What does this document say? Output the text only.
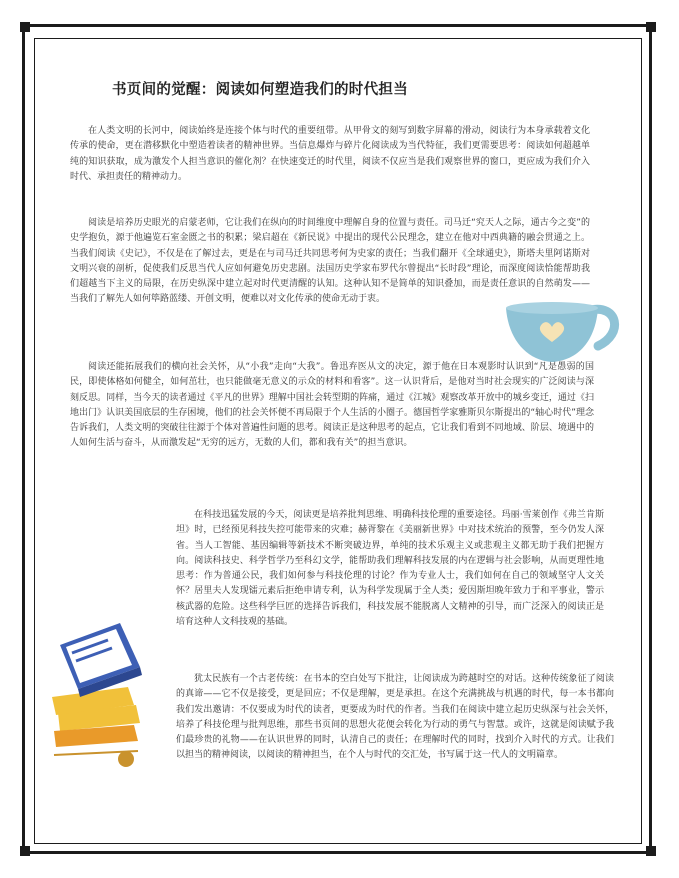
书页间的觉醒：阅读如何塑造我们的时代担当

在人类文明的长河中，阅读始终是连接个体与时代的重要纽带。从甲骨文的刻写到数字屏幕的滑动，阅读行为本身承载着文化传承的使命，更在潜移默化中塑造着读者的精神世界。当信息爆炸与碎片化阅读成为当代特征，我们更需要思考：阅读如何超越单纯的知识获取，成为激发个人担当意识的催化剂？在快速变迁的时代里，阅读不仅应当是我们观察世界的窗口，更应成为我们介入时代、承担责任的精神动力。

阅读是培养历史眼光的启蒙老师，它让我们在纵向的时间维度中理解自身的位置与责任。司马迁“究天人之际，通古今之变”的史学抱负，源于他遍览石室金匮之书的积累；梁启超在《新民说》中提出的现代公民理念，建立在他对中西典籍的融会贯通之上。当我们阅读《史记》，不仅是在了解过去，更是在与司马迁共同思考何为史家的责任；当我们翻开《全球通史》，斯塔夫里阿诺斯对文明兴衰的剖析，促使我们反思当代人应如何避免历史悲剧。法国历史学家布罗代尔曾提出“长时段”理论，而深度阅读恰能帮助我们超越当下主义的局限，在历史纵深中建立起对时代更清醒的认知。这种认知不是简单的知识叠加，而是责任意识的自然萌发——当我们了解先人如何筚路蓝缕、开创文明，便难以对文化传承的使命无动于衷。

阅读还能拓展我们的横向社会关怀，从“小我”走向“大我”。鲁迅弃医从文的决定，源于他在日本观影时认识到“凡是愚弱的国民，即使体格如何健全，如何茁壮，也只能做毫无意义的示众的材料和看客”。这一认识背后，是他对当时社会现实的广泛阅读与深刻反思。同样，当今天的读者通过《平凡的世界》理解中国社会转型期的阵痛，通过《江城》观察改革开放中的城乡变迁，通过《扫地出门》认识美国底层的生存困境，他们的社会关怀便不再局限于个人生活的小圈子。德国哲学家雅斯贝尔斯提出的“轴心时代”理念告诉我们，人类文明的突破往往源于个体对普遍性问题的思考。阅读正是这种思考的起点，它让我们看到不同地域、阶层、境遇中的人如何生活与奋斗，从而激发起“无穷的远方，无数的人们，都和我有关”的担当意识。

在科技迅猛发展的今天，阅读更是培养批判思维、明确科技伦理的重要途径。玛丽·雪莱创作《弗兰肯斯坦》时，已经预见科技失控可能带来的灾难；赫胥黎在《美丽新世界》中对技术统治的预警，至今仍发人深省。当人工智能、基因编辑等新技术不断突破边界，单纯的技术乐观主义或悲观主义都无助于我们把握方向。阅读科技史、科学哲学乃至科幻文学，能帮助我们理解科技发展的内在逻辑与社会影响，从而更理性地思考：作为普通公民，我们如何参与科技伦理的讨论？作为专业人士，我们如何在自己的领域坚守人文关怀？居里夫人发现镭元素后拒绝申请专利，认为科学发现属于全人类；爱因斯坦晚年致力于和平事业，警示核武器的危险。这些科学巨匠的选择告诉我们，科技发展不能脱离人文精神的引导，而广泛深入的阅读正是培育这种人文科技观的基础。

犹太民族有一个古老传统：在书本的空白处写下批注，让阅读成为跨越时空的对话。这种传统象征了阅读的真谛——它不仅是接受，更是回应；不仅是理解，更是承担。在这个充满挑战与机遇的时代，每一本书都向我们发出邀请：不仅要成为时代的读者，更要成为时代的作者。当我们在阅读中建立起历史纵深与社会关怀，培养了科技伦理与批判思维，那些书页间的思想火花便会转化为行动的勇气与智慧。或许，这就是阅读赋予我们最珍贵的礼物——在认识世界的同时，认清自己的责任；在理解时代的同时，找到介入时代的方式。让我们以担当的精神阅读，以阅读的精神担当，在个人与时代的交汇处，书写属于这一代人的文明篇章。
